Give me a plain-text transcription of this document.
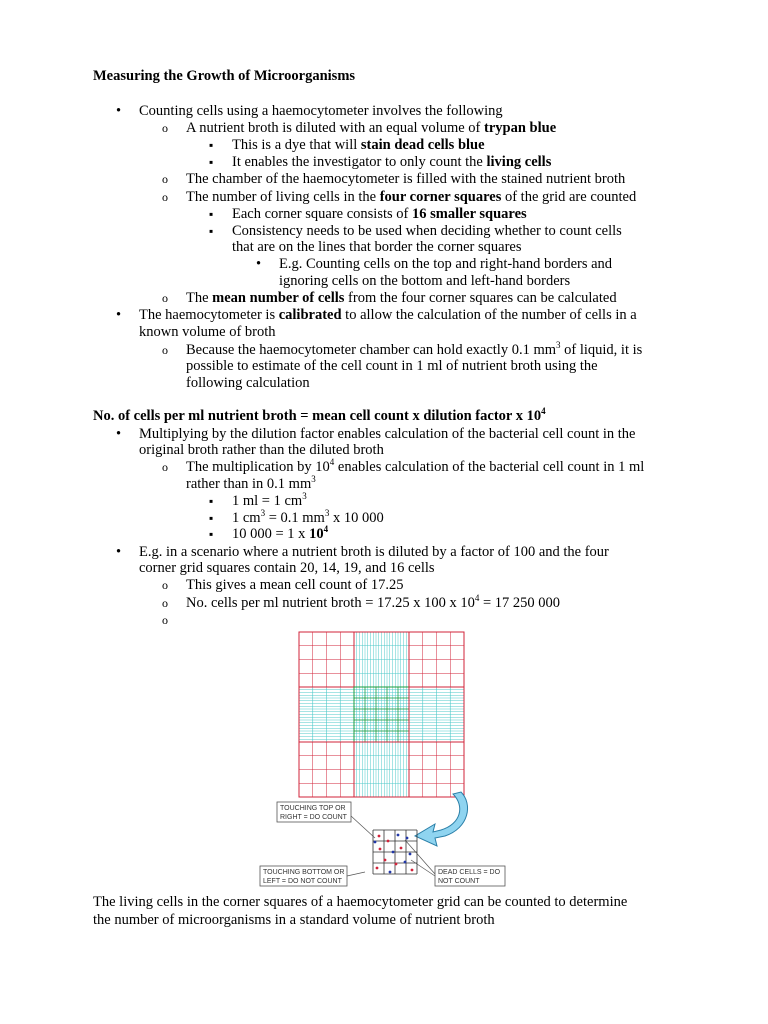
Measuring the Growth of Microorganisms
•
Counting cells using a haemocytometer involves the following
o
A nutrient broth is diluted with an equal volume of trypan blue
▪
This is a dye that will stain dead cells blue
▪
It enables the investigator to only count the living cells
o
The chamber of the haemocytometer is filled with the stained nutrient broth
o
The number of living cells in the four corner squares of the grid are counted
▪
Each corner square consists of 16 smaller squares
▪
Consistency needs to be used when deciding whether to count cells
that are on the lines that border the corner squares
•
E.g. Counting cells on the top and right-hand borders and
ignoring cells on the bottom and left-hand borders
o
The mean number of cells from the four corner squares can be calculated
•
The haemocytometer is calibrated to allow the calculation of the number of cells in a
known volume of broth
o
Because the haemocytometer chamber can hold exactly 0.1 $mm^3$ of liquid, it is
possible to estimate of the cell count in 1 ml of nutrient broth using the
following calculation
No. of cells per ml nutrient broth = mean cell count x dilution factor x $10^4$
•
Multiplying by the dilution factor enables calculation of the bacterial cell count in the
original broth rather than the diluted broth
o
The multiplication by $10^4$ enables calculation of the bacterial cell count in 1 ml
rather than in 0.1 $mm^3$
▪
1 ml = 1 $cm^3$
▪
1 $cm^3 = 0.1$ $mm^3$ x 10 000
▪
10 000 = 1 x $10^4$
•
E.g. in a scenario where a nutrient broth is diluted by a factor of 100 and the four
corner grid squares contain 20, 14, 19, and 16 cells
o
This gives a mean cell count of 17.25
o
No. cells per ml nutrient broth = 17.25 x 100 x $10^4 = 17$ 250 000
o
TOUCHING TOP OR
RIGHT = DO COUNT
TOUCHING BOTTOM OR
LEFT = DO NOT COUNT
DEAD CELLS = DO
NOT COUNT
The living cells in the corner squares of a haemocytometer grid can be counted to determine
the number of microorganisms in a standard volume of nutrient broth
